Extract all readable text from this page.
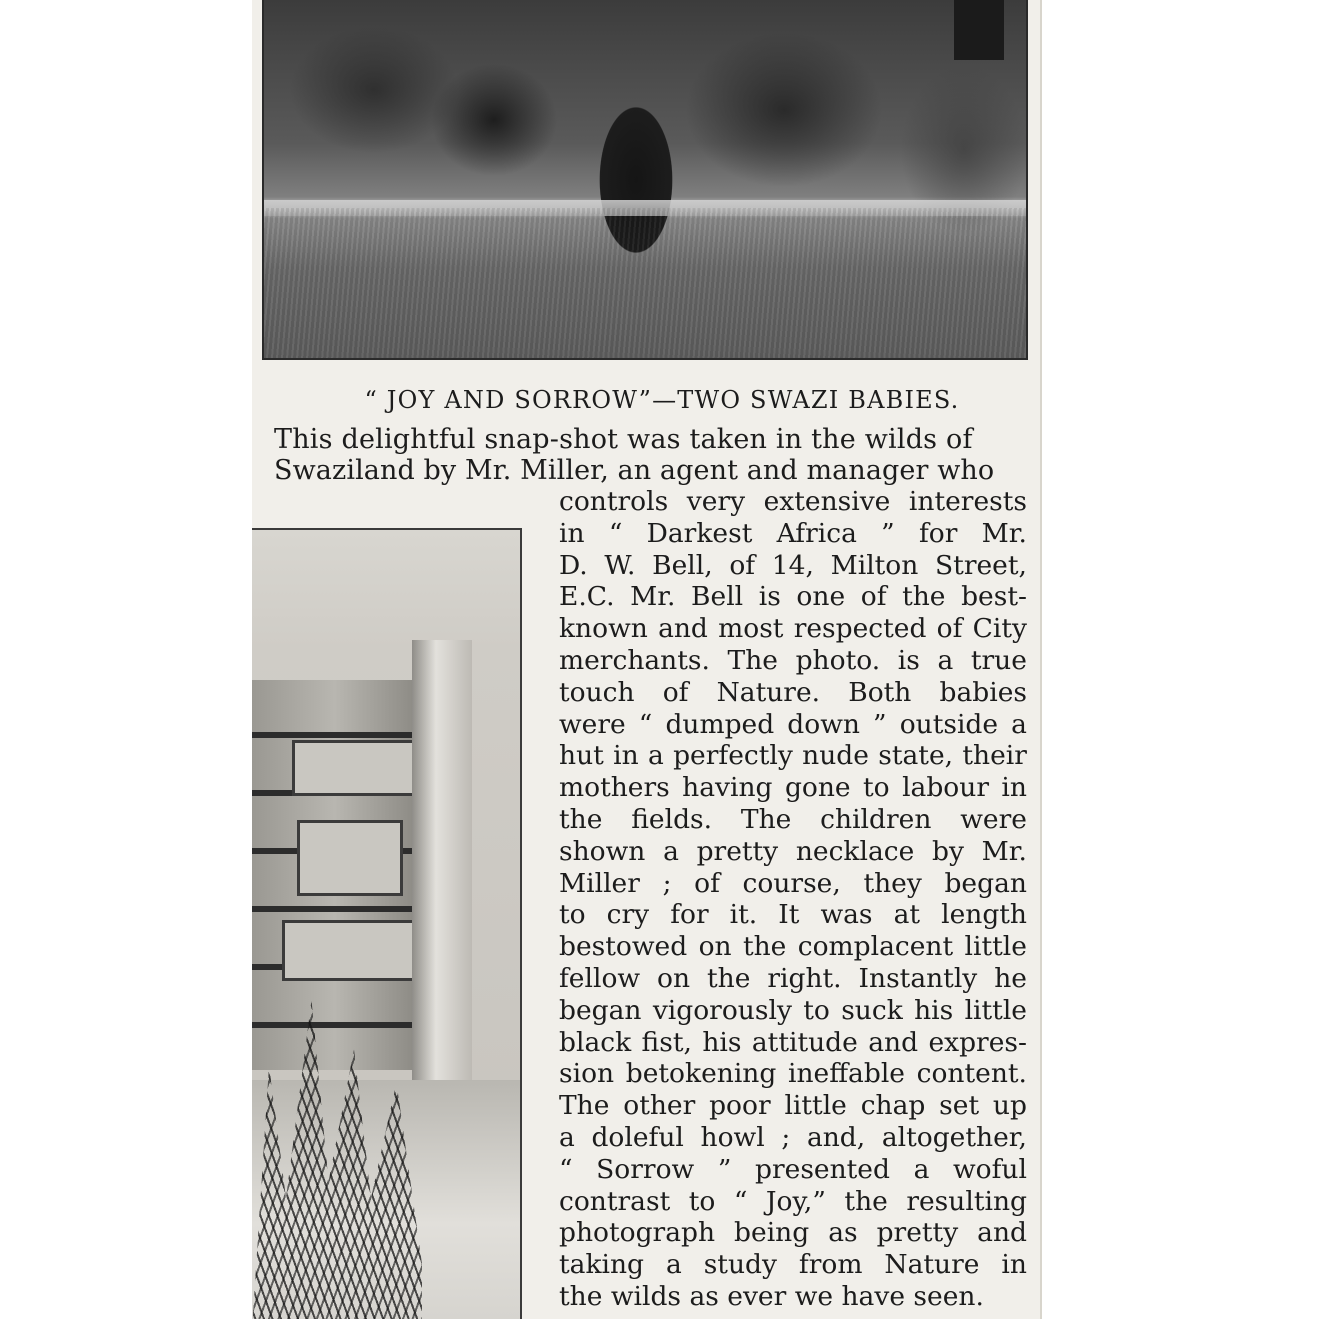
“ JOY AND SORROW”—TWO SWAZI BABIES.
This delightful snap-shot was taken in the wilds of
Swaziland by Mr. Miller, an agent and manager who
controls very extensive interests
in “ Darkest Africa ” for Mr.
D. W. Bell, of 14, Milton Street,
E.C. Mr. Bell is one of the best-
known and most respected of City
merchants. The photo. is a true
touch of Nature. Both babies
were “ dumped down ” outside a
hut in a perfectly nude state, their
mothers having gone to labour in
the fields. The children were
shown a pretty necklace by Mr.
Miller ; of course, they began
to cry for it. It was at length
bestowed on the complacent little
fellow on the right. Instantly he
began vigorously to suck his little
black fist, his attitude and expres-
sion betokening ineffable content.
The other poor little chap set up
a doleful howl ; and, altogether,
“ Sorrow ” presented a woful
contrast to “ Joy,” the resulting
photograph being as pretty and
taking a study from Nature in
the wilds as ever we have seen.
